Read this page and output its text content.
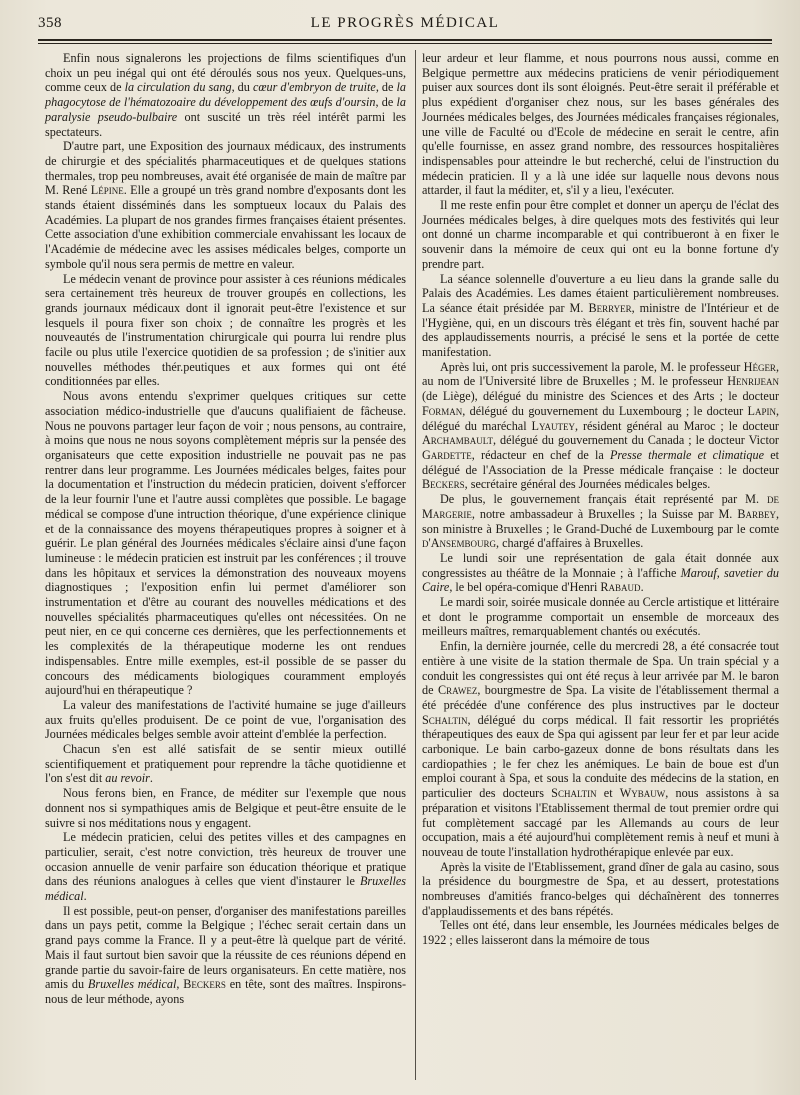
358	LE PROGRÈS MÉDICAL

Enfin nous signalerons les projections de films scientifiques d'un choix un peu inégal qui ont été déroulés sous nos yeux. Quelques-uns, comme ceux de la circulation du sang, du cœur d'embryon de truite, de la phagocytose de l'hématozoaire du développement des œufs d'oursin, de la paralysie pseudo-bulbaire ont suscité un très réel intérêt parmi les spectateurs.

D'autre part, une Exposition des journaux médicaux, des instruments de chirurgie et des spécialités pharmaceutiques et de quelques stations thermales, trop peu nombreuses, avait été organisée de main de maître par M. René Lépine. Elle a groupé un très grand nombre d'exposants dont les stands étaient disséminés dans les somptueux locaux du Palais des Académies. La plupart de nos grandes firmes françaises étaient présentes. Cette association d'une exhibition commerciale envahissant les locaux de l'Académie de médecine avec les assises médicales belges, comporte un symbole qu'il nous sera permis de mettre en valeur.

Le médecin venant de province pour assister à ces réunions médicales sera certainement très heureux de trouver groupés en collections, les grands journaux médicaux dont il ignorait peut-être l'existence et sur lesquels il poura fixer son choix ; de connaître les progrès et les nouveautés de l'instrumentation chirurgicale qui pourra lui rendre plus facile ou plus utile l'exercice quotidien de sa profession ; de s'initier aux nouvelles méthodes thér.peutiques et aux formes qui ont été conditionnées par elles.

Nous avons entendu s'exprimer quelques critiques sur cette association médico-industrielle que d'aucuns qualifiaient de fâcheuse. Nous ne pouvons partager leur façon de voir ; nous pensons, au contraire, à moins que nous ne nous soyons complètement mépris sur la pensée des organisateurs que cette exposition industrielle ne pouvait pas ne pas rentrer dans leur programme. Les Journées médicales belges, faites pour la documentation et l'instruction du médecin praticien, doivent s'efforcer de la leur fournir l'une et l'autre aussi complètes que possible. Le bagage médical se compose d'une intruction théorique, d'une expérience clinique et de la connaissance des moyens thérapeutiques propres à soigner et à guérir. Le plan général des Journées médicales s'éclaire ainsi d'une façon lumineuse : le médecin praticien est instruit par les conférences ; il trouve dans les hôpitaux et services la démonstration des nouveaux moyens diagnostiques ; l'exposition enfin lui permet d'améliorer son instrumentation et d'être au courant des nouvelles médications et des nouvelles spécialités pharmaceutiques qu'elles ont nécessitées. On ne peut nier, en ce qui concerne ces dernières, que les perfectionnements et les complexités de la thérapeutique moderne les ont rendues indispensables. Entre mille exemples, est-il possible de se passer du concours des médicaments biologiques couramment employés aujourd'hui en thérapeutique ?

La valeur des manifestations de l'activité humaine se juge d'ailleurs aux fruits qu'elles produisent. De ce point de vue, l'organisation des Journées médicales belges semble avoir atteint d'emblée la perfection.

Chacun s'en est allé satisfait de se sentir mieux outillé scientifiquement et pratiquement pour reprendre la tâche quotidienne et l'on s'est dit au revoir.

Nous ferons bien, en France, de méditer sur l'exemple que nous donnent nos si sympathiques amis de Belgique et peut-être ensuite de le suivre si nos méditations nous y engagent.

Le médecin praticien, celui des petites villes et des campagnes en particulier, serait, c'est notre conviction, très heureux de trouver une occasion annuelle de venir parfaire son éducation théorique et pratique dans des réunions analogues à celles que vient d'instaurer le Bruxelles médical.

Il est possible, peut-on penser, d'organiser des manifestations pareilles dans un pays petit, comme la Belgique ; l'échec serait certain dans un grand pays comme la France. Il y a peut-être là quelque part de vérité. Mais il faut surtout bien savoir que la réussite de ces réunions dépend en grande partie du savoir-faire de leurs organisateurs. En cette matière, nos amis du Bruxelles médical, Beckers en tête, sont des maîtres. Inspirons-nous de leur méthode, ayons

leur ardeur et leur flamme, et nous pourrons nous aussi, comme en Belgique permettre aux médecins praticiens de venir périodiquement puiser aux sources dont ils sont éloignés. Peut-être serait il préférable et plus expédient d'organiser chez nous, sur les bases générales des Journées médicales belges, des Journées médicales françaises régionales, une ville de Faculté ou d'Ecole de médecine en serait le centre, afin qu'elle fournisse, en assez grand nombre, des ressources hospitalières indispensables pour atteindre le but recherché, celui de l'instruction du médecin praticien. Il y a là une idée sur laquelle nous devons nous attarder, il faut la méditer, et, s'il y a lieu, l'exécuter.

Il me reste enfin pour être complet et donner un aperçu de l'éclat des Journées médicales belges, à dire quelques mots des festivités qui leur ont donné un charme incomparable et qui contribueront à en fixer le souvenir dans la mémoire de ceux qui ont eu la bonne fortune d'y prendre part.

La séance solennelle d'ouverture a eu lieu dans la grande salle du Palais des Académies. Les dames étaient particulièrement nombreuses. La séance était présidée par M. Berryer, ministre de l'Intérieur et de l'Hygiène, qui, en un discours très élégant et très fin, souvent haché par des applaudissements nourris, a précisé le sens et la portée de cette manifestation.

Après lui, ont pris successivement la parole, M. le professeur Héger, au nom de l'Université libre de Bruxelles ; M. le professeur Henrijean (de Liège), délégué du ministre des Sciences et des Arts ; le docteur Forman, délégué du gouvernement du Luxembourg ; le docteur Lapin, délégué du maréchal Lyautey, résident général au Maroc ; le docteur Archambault, délégué du gouvernement du Canada ; le docteur Victor Gardette, rédacteur en chef de la Presse thermale et climatique et délégué de l'Association de la Presse médicale française : le docteur Beckers, secrétaire général des Journées médicales belges.

De plus, le gouvernement français était représenté par M. de Margerie, notre ambassadeur à Bruxelles ; la Suisse par M. Barbey, son ministre à Bruxelles ; le Grand-Duché de Luxembourg par le comte d'Ansembourg, chargé d'affaires à Bruxelles.

Le lundi soir une représentation de gala était donnée aux congressistes au théâtre de la Monnaie ; à l'affiche Marouf, savetier du Caire, le bel opéra-comique d'Henri Rabaud.

Le mardi soir, soirée musicale donnée au Cercle artistique et littéraire et dont le programme comportait un ensemble de morceaux des meilleurs maîtres, remarquablement chantés ou exécutés.

Enfin, la dernière journée, celle du mercredi 28, a été consacrée tout entière à une visite de la station thermale de Spa. Un train spécial y a conduit les congressistes qui ont été reçus à leur arrivée par M. le baron de Crawez, bourgmestre de Spa. La visite de l'établissement thermal a été précédée d'une conférence des plus instructives par le docteur Schaltin, délégué du corps médical. Il fait ressortir les propriétés thérapeutiques des eaux de Spa qui agissent par leur fer et par leur acide carbonique. Le bain carbo-gazeux donne de bons résultats dans les cardiopathies ; le fer chez les anémiques. Le bain de boue est d'un emploi courant à Spa, et sous la conduite des médecins de la station, en particulier des docteurs Schaltin et Wybauw, nous assistons à sa préparation et visitons l'Etablissement thermal de tout premier ordre qui fut complètement saccagé par les Allemands au cours de leur occupation, mais a été aujourd'hui complètement remis à neuf et muni à nouveau de toute l'installation hydrothérapique enlevée par eux.

Après la visite de l'Etablissement, grand dîner de gala au casino, sous la présidence du bourgmestre de Spa, et au dessert, protestations nombreuses d'amitiés franco-belges qui déchaînèrent des tonnerres d'applaudissements et des bans répétés.

Telles ont été, dans leur ensemble, les Journées médicales belges de 1922 ; elles laisseront dans la mémoire de tous
